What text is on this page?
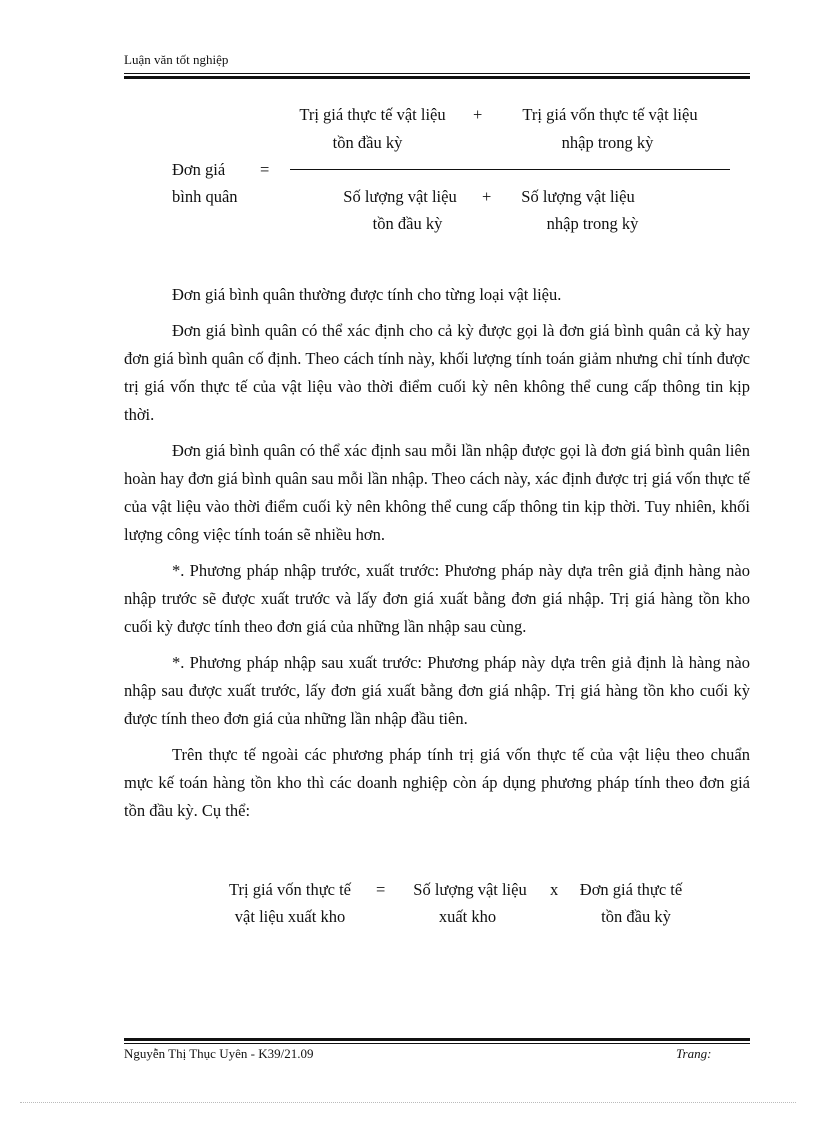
Luận văn tốt nghiệp
Trị giá thực tế vật liệu
tồn đầu kỳ
+	Trị giá vốn thực tế vật liệu
nhập trong kỳ
Đơn giá
bình quân
=
Số lượng vật liệu
tồn đầu kỳ
+	Số lượng vật liệu
nhập trong kỳ

Đơn giá bình quân thường được tính cho từng loại vật liệu.

Đơn giá bình quân có thể xác định cho cả kỳ được gọi là đơn giá bình quân cả kỳ hay đơn giá bình quân cố định. Theo cách tính này, khối lượng tính toán giảm nhưng chỉ tính được trị giá vốn thực tế của vật liệu vào thời điểm cuối kỳ nên không thể cung cấp thông tin kịp thời.

Đơn giá bình quân có thể xác định sau mỗi lần nhập được gọi là đơn giá bình quân liên hoàn hay đơn giá bình quân sau mỗi lần nhập. Theo cách này, xác định được trị giá vốn thực tế của vật liệu vào thời điểm cuối kỳ nên không thể cung cấp thông tin kịp thời. Tuy nhiên, khối lượng công việc tính toán sẽ nhiều hơn.

*. Phương pháp nhập trước, xuất trước: Phương pháp này dựa trên giả định hàng nào nhập trước sẽ được xuất trước và lấy đơn giá xuất bằng đơn giá nhập. Trị giá hàng tồn kho cuối kỳ được tính theo đơn giá của những lần nhập sau cùng.

*. Phương pháp nhập sau xuất trước: Phương pháp này dựa trên giả định là hàng nào nhập sau được xuất trước, lấy đơn giá xuất bằng đơn giá nhập. Trị giá hàng tồn kho cuối kỳ được tính theo đơn giá của những lần nhập đầu tiên.

Trên thực tế ngoài các phương pháp tính trị giá vốn thực tế của vật liệu theo chuẩn mực kế toán hàng tồn kho thì các doanh nghiệp còn áp dụng phương pháp tính theo đơn giá tồn đầu kỳ. Cụ thể:

Trị giá vốn thực tế
vật liệu xuất kho
=	Số lượng vật liệu
xuất kho
x	Đơn giá thực tế
tồn đầu kỳ
Nguyễn Thị Thục Uyên - K39/21.09	Trang:
